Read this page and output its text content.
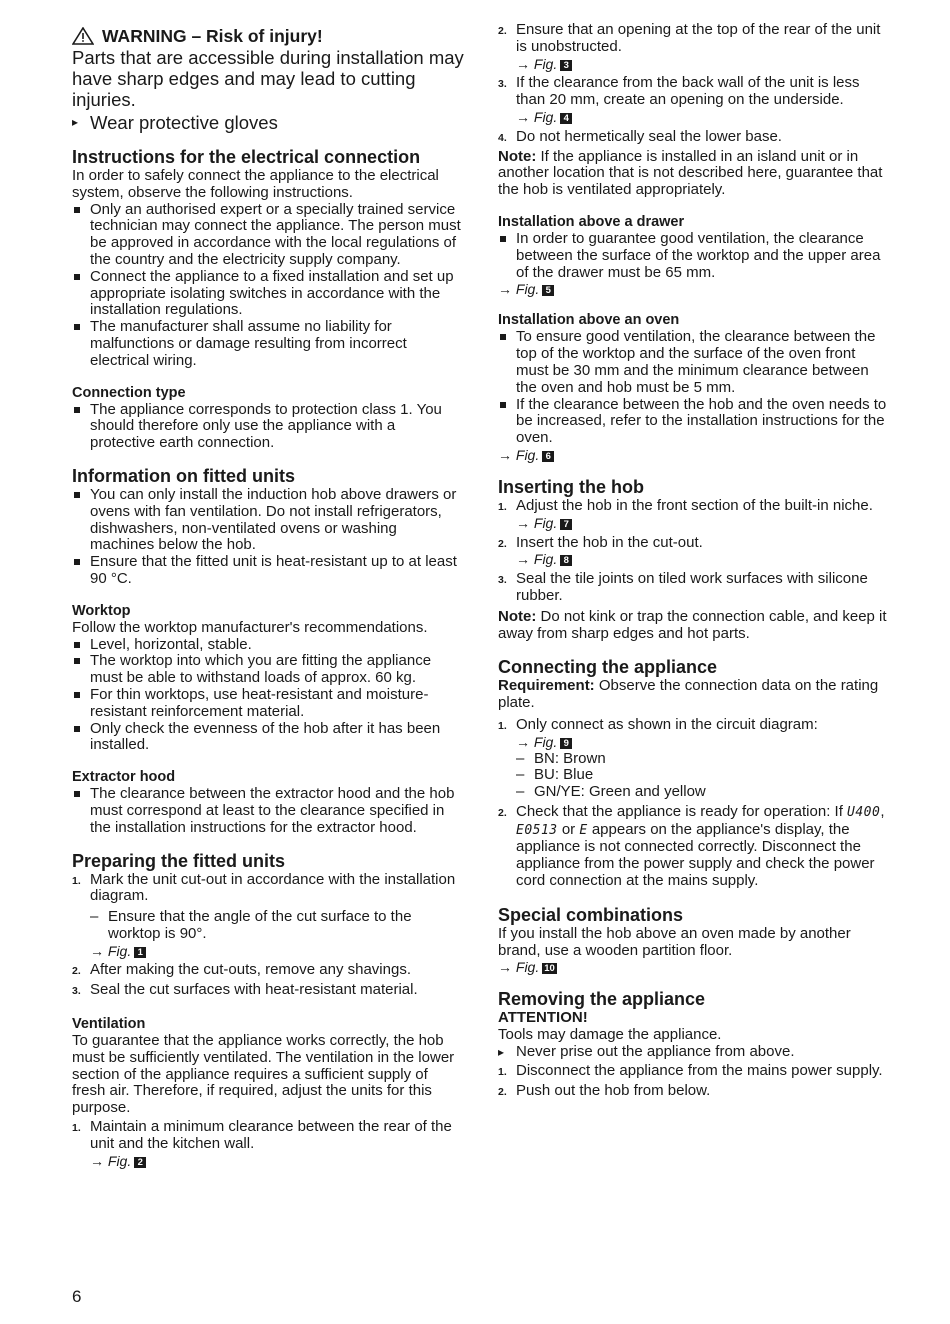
WARNING – Risk of injury!

Parts that are accessible during installation may have sharp edges and may lead to cutting injuries.

▸ Wear protective gloves

Instructions for the electrical connection

In order to safely connect the appliance to the electrical system, observe the following instructions.

Only an authorised expert or a specially trained service technician may connect the appliance. The person must be approved in accordance with the local regulations of the country and the electricity supply company.
Connect the appliance to a fixed installation and set up appropriate isolating switches in accordance with the installation regulations.
The manufacturer shall assume no liability for malfunctions or damage resulting from incorrect electrical wiring.
Connection type
The appliance corresponds to protection class 1. You should therefore only use the appliance with a protective earth connection.
Information on fitted units
You can only install the induction hob above drawers or ovens with fan ventilation. Do not install refrigerators, dishwashers, non-ventilated ovens or washing machines below the hob.
Ensure that the fitted unit is heat-resistant up to at least 90 °C.
Worktop

Follow the worktop manufacturer's recommendations.

Level, horizontal, stable.
The worktop into which you are fitting the appliance must be able to withstand loads of approx. 60 kg.
For thin worktops, use heat-resistant and moisture-resistant reinforcement material.
Only check the evenness of the hob after it has been installed.
Extractor hood
The clearance between the extractor hood and the hob must correspond at least to the clearance specified in the installation instructions for the extractor hood.
Preparing the fitted units
1. Mark the unit cut-out in accordance with the installation diagram.
– Ensure that the angle of the cut surface to the worktop is 90°.
→ Fig. 1
2. After making the cut-outs, remove any shavings.
3. Seal the cut surfaces with heat-resistant material.
Ventilation

To guarantee that the appliance works correctly, the hob must be sufficiently ventilated. The ventilation in the lower section of the appliance requires a sufficient supply of fresh air. Therefore, if required, adjust the units for this purpose.

1. Maintain a minimum clearance between the rear of the unit and the kitchen wall.
→ Fig. 2
2. Ensure that an opening at the top of the rear of the unit is unobstructed.
→ Fig. 3
3. If the clearance from the back wall of the unit is less than 20 mm, create an opening on the underside.
→ Fig. 4
4. Do not hermetically seal the lower base.

Note: If the appliance is installed in an island unit or in another location that is not described here, guarantee that the hob is ventilated appropriately.

Installation above a drawer
In order to guarantee good ventilation, the clearance between the surface of the worktop and the upper area of the drawer must be 65 mm.
→ Fig. 5
Installation above an oven
To ensure good ventilation, the clearance between the top of the worktop and the surface of the oven front must be 30 mm and the minimum clearance between the oven and hob must be 5 mm.
If the clearance between the hob and the oven needs to be increased, refer to the installation instructions for the oven.
→ Fig. 6
Inserting the hob
1. Adjust the hob in the front section of the built-in niche.
→ Fig. 7
2. Insert the hob in the cut-out.
→ Fig. 8
3. Seal the tile joints on tiled work surfaces with silicone rubber.

Note: Do not kink or trap the connection cable, and keep it away from sharp edges and hot parts.

Connecting the appliance

Requirement: Observe the connection data on the rating plate.

1. Only connect as shown in the circuit diagram:
→ Fig. 9
– BN: Brown
– BU: Blue
– GN/YE: Green and yellow
2. Check that the appliance is ready for operation: If U400, E0513 or E appears on the appliance's display, the appliance is not connected correctly. Disconnect the appliance from the power supply and check the power cord connection at the mains supply.
Special combinations

If you install the hob above an oven made by another brand, use a wooden partition floor.

→ Fig. 10
Removing the appliance

ATTENTION!

Tools may damage the appliance.

▸ Never prise out the appliance from above.

1. Disconnect the appliance from the mains power supply.
2. Push out the hob from below.
6
